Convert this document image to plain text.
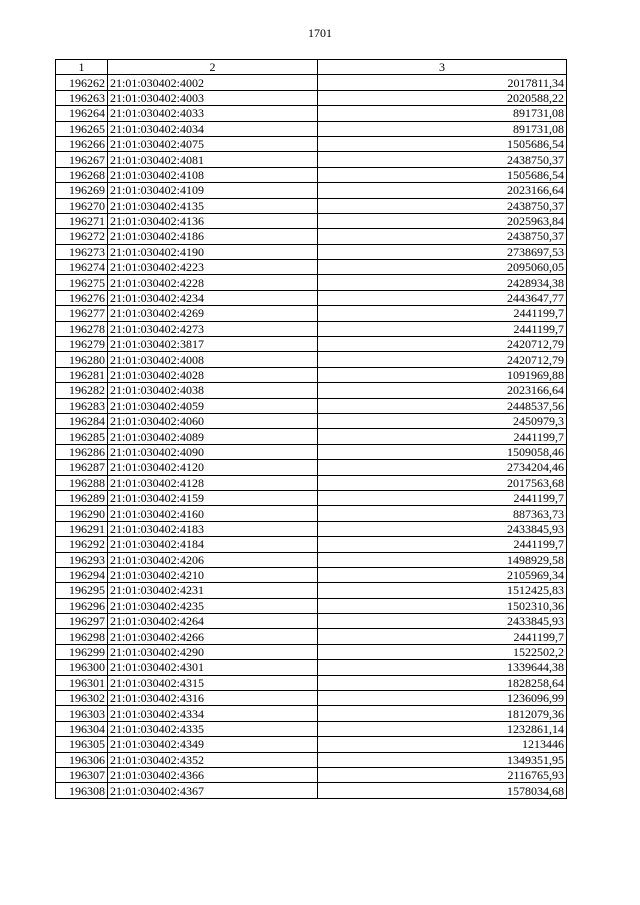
1701
1	2	3
196262	21:01:030402:4002	2017811,34
196263	21:01:030402:4003	2020588,22
196264	21:01:030402:4033	891731,08
196265	21:01:030402:4034	891731,08
196266	21:01:030402:4075	1505686,54
196267	21:01:030402:4081	2438750,37
196268	21:01:030402:4108	1505686,54
196269	21:01:030402:4109	2023166,64
196270	21:01:030402:4135	2438750,37
196271	21:01:030402:4136	2025963,84
196272	21:01:030402:4186	2438750,37
196273	21:01:030402:4190	2738697,53
196274	21:01:030402:4223	2095060,05
196275	21:01:030402:4228	2428934,38
196276	21:01:030402:4234	2443647,77
196277	21:01:030402:4269	2441199,7
196278	21:01:030402:4273	2441199,7
196279	21:01:030402:3817	2420712,79
196280	21:01:030402:4008	2420712,79
196281	21:01:030402:4028	1091969,88
196282	21:01:030402:4038	2023166,64
196283	21:01:030402:4059	2448537,56
196284	21:01:030402:4060	2450979,3
196285	21:01:030402:4089	2441199,7
196286	21:01:030402:4090	1509058,46
196287	21:01:030402:4120	2734204,46
196288	21:01:030402:4128	2017563,68
196289	21:01:030402:4159	2441199,7
196290	21:01:030402:4160	887363,73
196291	21:01:030402:4183	2433845,93
196292	21:01:030402:4184	2441199,7
196293	21:01:030402:4206	1498929,58
196294	21:01:030402:4210	2105969,34
196295	21:01:030402:4231	1512425,83
196296	21:01:030402:4235	1502310,36
196297	21:01:030402:4264	2433845,93
196298	21:01:030402:4266	2441199,7
196299	21:01:030402:4290	1522502,2
196300	21:01:030402:4301	1339644,38
196301	21:01:030402:4315	1828258,64
196302	21:01:030402:4316	1236096,99
196303	21:01:030402:4334	1812079,36
196304	21:01:030402:4335	1232861,14
196305	21:01:030402:4349	1213446
196306	21:01:030402:4352	1349351,95
196307	21:01:030402:4366	2116765,93
196308	21:01:030402:4367	1578034,68
